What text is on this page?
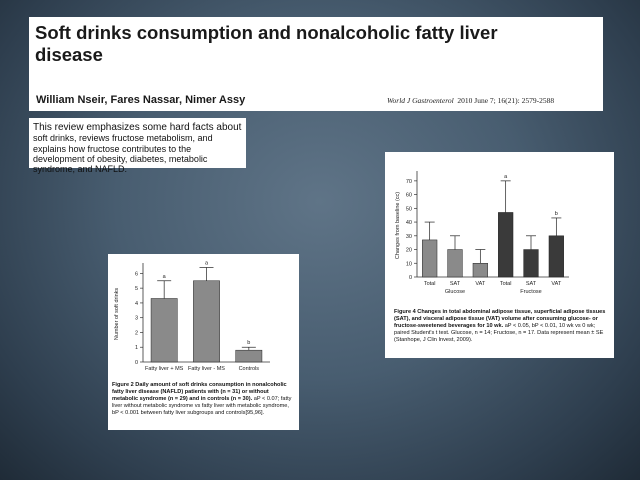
Soft drinks consumption and nonalcoholic fatty liver disease
William Nseir, Fares Nassar, Nimer Assy	World J Gastroenterol 2010 June 7; 16(21): 2579-2588
This review emphasizes some hard facts about soft drinks, reviews fructose metabolism, and explains how fructose contributes to the development of obesity, diabetes, metabolic syndrome, and NAFLD.
0
1
2
3
4
5
6	a
Fatty liver + MS
a
Fatty liver - MS
b
Controls
Number of soft drinks
Figure 2 Daily amount of soft drinks consumption in nonalcoholic fatty liver disease (NAFLD) patients with (n = 31) or without metabolic syndrome (n = 29) and in controls (n = 30). aP < 0.07; fatty liver without metabolic syndrome vs fatty liver with metabolic syndrome, bP < 0.001 between fatty liver subgroups and controls[95,96].
0
10
20
30
40
50
60
70
Total	SAT	VAT
a
Total	SAT
b
VAT
Glucose	Fructose
Changes from baseline (cc)
Figure 4 Changes in total abdominal adipose tissue, superficial adipose tissues (SAT), and visceral adipose tissue (VAT) volume after consuming glucose- or fructose-sweetened beverages for 10 wk. aP < 0.05, bP < 0.01, 10 wk vs 0 wk; paired Student's t test. Glucose, n = 14; Fructose, n = 17. Data represent mean ± SE (Stanhope, J Clin Invest, 2009).
